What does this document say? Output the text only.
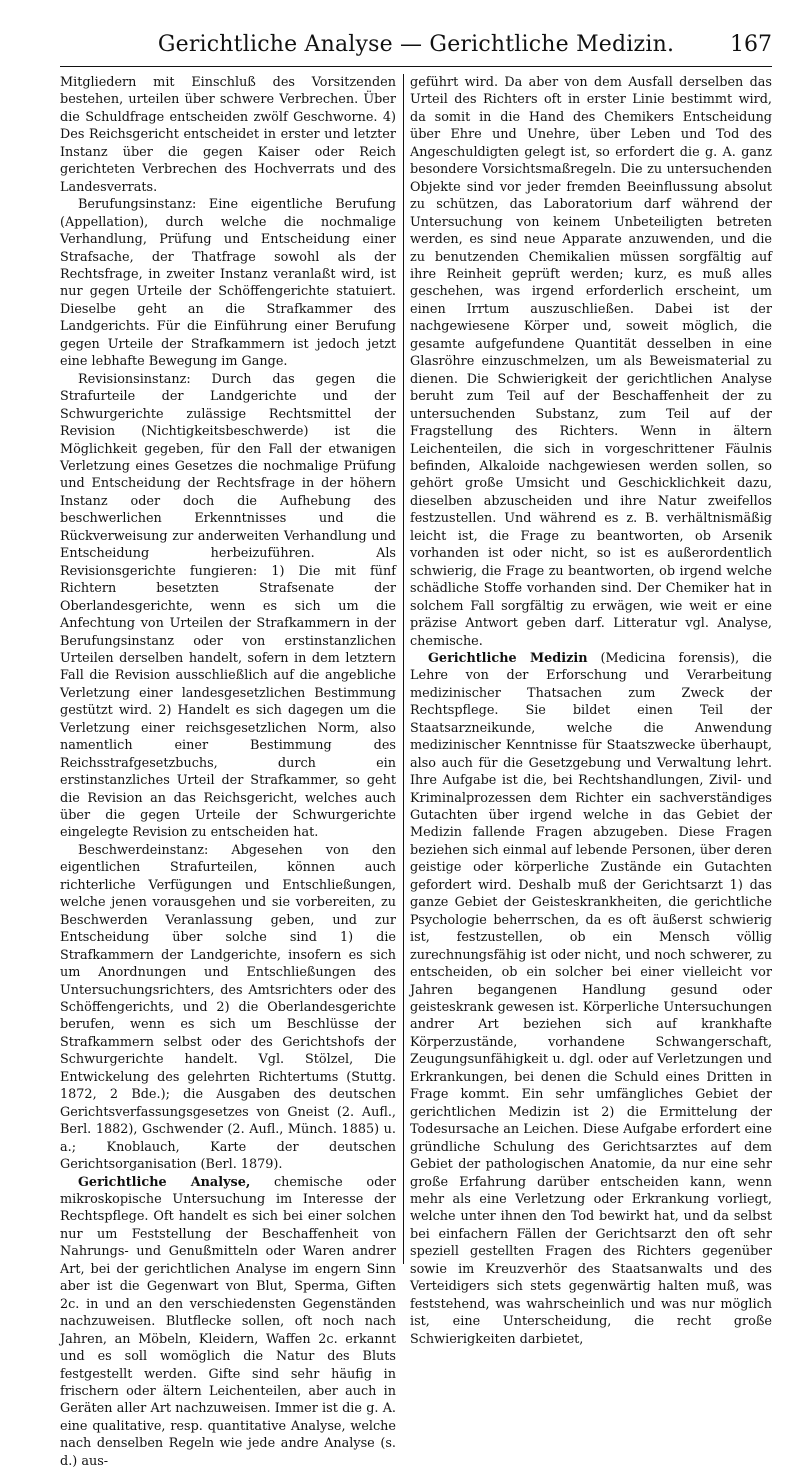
Gerichtliche Analyse — Gerichtliche Medizin.	167

Mitgliedern mit Einschluß des Vorsitzenden bestehen, urteilen über schwere Verbrechen. Über die Schuldfrage entscheiden zwölf Geschworne. 4) Des Reichsgericht entscheidet in erster und letzter Instanz über die gegen Kaiser oder Reich gerichteten Verbrechen des Hochverrats und des Landesverrats.

Berufungsinstanz: Eine eigentliche Berufung (Appellation), durch welche die nochmalige Verhandlung, Prüfung und Entscheidung einer Strafsache, der Thatfrage sowohl als der Rechtsfrage, in zweiter Instanz veranlaßt wird, ist nur gegen Urteile der Schöffengerichte statuiert. Dieselbe geht an die Strafkammer des Landgerichts. Für die Einführung einer Berufung gegen Urteile der Strafkammern ist jedoch jetzt eine lebhafte Bewegung im Gange.

Revisionsinstanz: Durch das gegen die Strafurteile der Landgerichte und der Schwurgerichte zulässige Rechtsmittel der Revision (Nichtigkeitsbeschwerde) ist die Möglichkeit gegeben, für den Fall der etwanigen Verletzung eines Gesetzes die nochmalige Prüfung und Entscheidung der Rechtsfrage in der höhern Instanz oder doch die Aufhebung des beschwerlichen Erkenntnisses und die Rückverweisung zur anderweiten Verhandlung und Entscheidung herbeizuführen. Als Revisionsgerichte fungieren: 1) Die mit fünf Richtern besetzten Strafsenate der Oberlandesgerichte, wenn es sich um die Anfechtung von Urteilen der Strafkammern in der Berufungsinstanz oder von erstinstanzlichen Urteilen derselben handelt, sofern in dem letztern Fall die Revision ausschließlich auf die angebliche Verletzung einer landesgesetzlichen Bestimmung gestützt wird. 2) Handelt es sich dagegen um die Verletzung einer reichsgesetzlichen Norm, also namentlich einer Bestimmung des Reichsstrafgesetzbuchs, durch ein erstinstanzliches Urteil der Strafkammer, so geht die Revision an das Reichsgericht, welches auch über die gegen Urteile der Schwurgerichte eingelegte Revision zu entscheiden hat.

Beschwerdeinstanz: Abgesehen von den eigentlichen Strafurteilen, können auch richterliche Verfügungen und Entschließungen, welche jenen vorausgehen und sie vorbereiten, zu Beschwerden Veranlassung geben, und zur Entscheidung über solche sind 1) die Strafkammern der Landgerichte, insofern es sich um Anordnungen und Entschließungen des Untersuchungsrichters, des Amtsrichters oder des Schöffengerichts, und 2) die Oberlandesgerichte berufen, wenn es sich um Beschlüsse der Strafkammern selbst oder des Gerichtshofs der Schwurgerichte handelt. Vgl. Stölzel, Die Entwickelung des gelehrten Richtertums (Stuttg. 1872, 2 Bde.); die Ausgaben des deutschen Gerichtsverfassungsgesetzes von Gneist (2. Aufl., Berl. 1882), Gschwender (2. Aufl., Münch. 1885) u. a.; Knoblauch, Karte der deutschen Gerichtsorganisation (Berl. 1879).

Gerichtliche Analyse, chemische oder mikroskopische Untersuchung im Interesse der Rechtspflege. Oft handelt es sich bei einer solchen nur um Feststellung der Beschaffenheit von Nahrungs- und Genußmitteln oder Waren andrer Art, bei der gerichtlichen Analyse im engern Sinn aber ist die Gegenwart von Blut, Sperma, Giften 2c. in und an den verschiedensten Gegenständen nachzuweisen. Blutflecke sollen, oft noch nach Jahren, an Möbeln, Kleidern, Waffen 2c. erkannt und es soll womöglich die Natur des Bluts festgestellt werden. Gifte sind sehr häufig in frischern oder ältern Leichenteilen, aber auch in Geräten aller Art nachzuweisen. Immer ist die g. A. eine qualitative, resp. quantitative Analyse, welche nach denselben Regeln wie jede andre Analyse (s. d.) aus-

geführt wird. Da aber von dem Ausfall derselben das Urteil des Richters oft in erster Linie bestimmt wird, da somit in die Hand des Chemikers Entscheidung über Ehre und Unehre, über Leben und Tod des Angeschuldigten gelegt ist, so erfordert die g. A. ganz besondere Vorsichtsmaßregeln. Die zu untersuchenden Objekte sind vor jeder fremden Beeinflussung absolut zu schützen, das Laboratorium darf während der Untersuchung von keinem Unbeteiligten betreten werden, es sind neue Apparate anzuwenden, und die zu benutzenden Chemikalien müssen sorgfältig auf ihre Reinheit geprüft werden; kurz, es muß alles geschehen, was irgend erforderlich erscheint, um einen Irrtum auszuschließen. Dabei ist der nachgewiesene Körper und, soweit möglich, die gesamte aufgefundene Quantität desselben in eine Glasröhre einzuschmelzen, um als Beweismaterial zu dienen. Die Schwierigkeit der gerichtlichen Analyse beruht zum Teil auf der Beschaffenheit der zu untersuchenden Substanz, zum Teil auf der Fragstellung des Richters. Wenn in ältern Leichenteilen, die sich in vorgeschrittener Fäulnis befinden, Alkaloide nachgewiesen werden sollen, so gehört große Umsicht und Geschicklichkeit dazu, dieselben abzuscheiden und ihre Natur zweifellos festzustellen. Und während es z. B. verhältnismäßig leicht ist, die Frage zu beantworten, ob Arsenik vorhanden ist oder nicht, so ist es außerordentlich schwierig, die Frage zu beantworten, ob irgend welche schädliche Stoffe vorhanden sind. Der Chemiker hat in solchem Fall sorgfältig zu erwägen, wie weit er eine präzise Antwort geben darf. Litteratur vgl. Analyse, chemische.

Gerichtliche Medizin (Medicina forensis), die Lehre von der Erforschung und Verarbeitung medizinischer Thatsachen zum Zweck der Rechtspflege. Sie bildet einen Teil der Staatsarzneikunde, welche die Anwendung medizinischer Kenntnisse für Staatszwecke überhaupt, also auch für die Gesetzgebung und Verwaltung lehrt. Ihre Aufgabe ist die, bei Rechtshandlungen, Zivil- und Kriminalprozessen dem Richter ein sachverständiges Gutachten über irgend welche in das Gebiet der Medizin fallende Fragen abzugeben. Diese Fragen beziehen sich einmal auf lebende Personen, über deren geistige oder körperliche Zustände ein Gutachten gefordert wird. Deshalb muß der Gerichtsarzt 1) das ganze Gebiet der Geisteskrankheiten, die gerichtliche Psychologie beherrschen, da es oft äußerst schwierig ist, festzustellen, ob ein Mensch völlig zurechnungsfähig ist oder nicht, und noch schwerer, zu entscheiden, ob ein solcher bei einer vielleicht vor Jahren begangenen Handlung gesund oder geisteskrank gewesen ist. Körperliche Untersuchungen andrer Art beziehen sich auf krankhafte Körperzustände, vorhandene Schwangerschaft, Zeugungsunfähigkeit u. dgl. oder auf Verletzungen und Erkrankungen, bei denen die Schuld eines Dritten in Frage kommt. Ein sehr umfängliches Gebiet der gerichtlichen Medizin ist 2) die Ermittelung der Todesursache an Leichen. Diese Aufgabe erfordert eine gründliche Schulung des Gerichtsarztes auf dem Gebiet der pathologischen Anatomie, da nur eine sehr große Erfahrung darüber entscheiden kann, wenn mehr als eine Verletzung oder Erkrankung vorliegt, welche unter ihnen den Tod bewirkt hat, und da selbst bei einfachern Fällen der Gerichtsarzt den oft sehr speziell gestellten Fragen des Richters gegenüber sowie im Kreuzverhör des Staatsanwalts und des Verteidigers sich stets gegenwärtig halten muß, was feststehend, was wahrscheinlich und was nur möglich ist, eine Unterscheidung, die recht große Schwierigkeiten darbietet,
